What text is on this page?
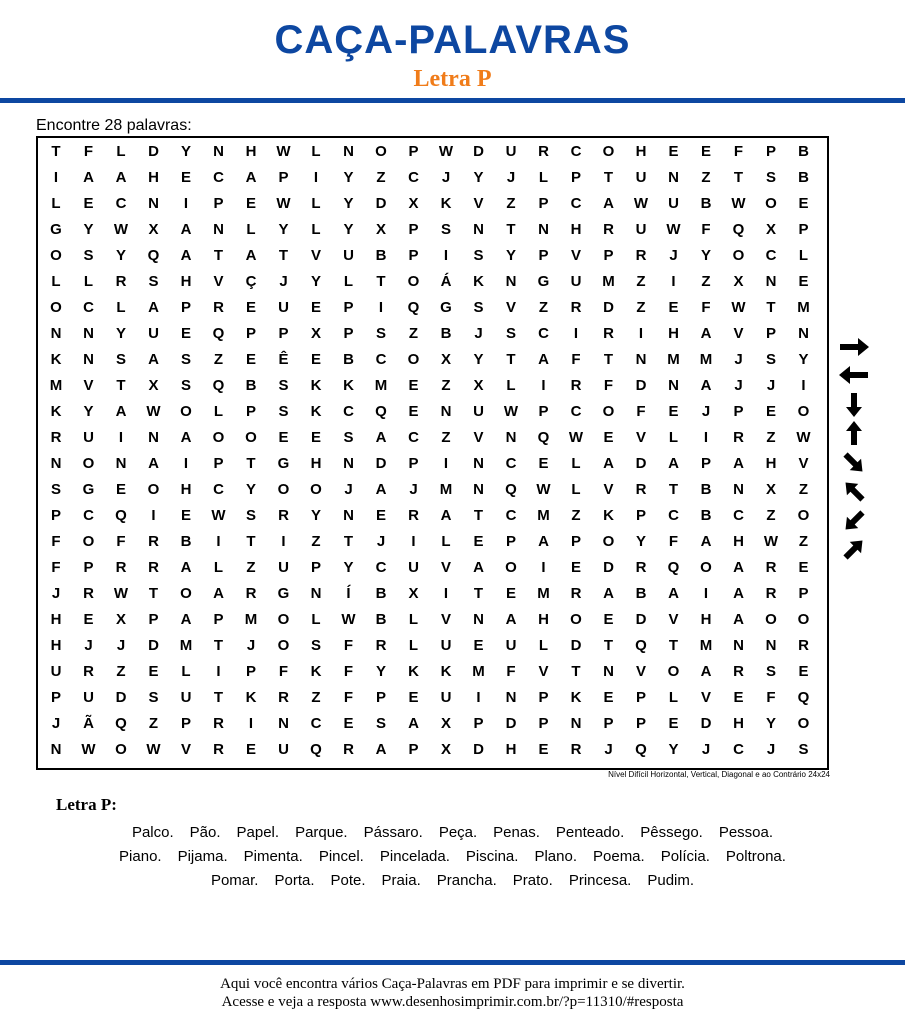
CAÇA-PALAVRAS
Letra P
Encontre 28 palavras:
T	F	L	D	Y	N	H	W	L	N	O	P	W	D	U	R	C	O	H	E	E	F	P	B
I	A	A	H	E	C	A	P	I	Y	Z	C	J	Y	J	L	P	T	U	N	Z	T	S	B
L	E	C	N	I	P	E	W	L	Y	D	X	K	V	Z	P	C	A	W	U	B	W	O	E
G	Y	W	X	A	N	L	Y	L	Y	X	P	S	N	T	N	H	R	U	W	F	Q	X	P
O	S	Y	Q	A	T	A	T	V	U	B	P	I	S	Y	P	V	P	R	J	Y	O	C	L
L	L	R	S	H	V	Ç	J	Y	L	T	O	Á	K	N	G	U	M	Z	I	Z	X	N	E
O	C	L	A	P	R	E	U	E	P	I	Q	G	S	V	Z	R	D	Z	E	F	W	T	M
N	N	Y	U	E	Q	P	P	X	P	S	Z	B	J	S	C	I	R	I	H	A	V	P	N
K	N	S	A	S	Z	E	Ê	E	B	C	O	X	Y	T	A	F	T	N	M	M	J	S	Y
M	V	T	X	S	Q	B	S	K	K	M	E	Z	X	L	I	R	F	D	N	A	J	J	I
K	Y	A	W	O	L	P	S	K	C	Q	E	N	U	W	P	C	O	F	E	J	P	E	O
R	U	I	N	A	O	O	E	E	S	A	C	Z	V	N	Q	W	E	V	L	I	R	Z	W
N	O	N	A	I	P	T	G	H	N	D	P	I	N	C	E	L	A	D	A	P	A	H	V
S	G	E	O	H	C	Y	O	O	J	A	J	M	N	Q	W	L	V	R	T	B	N	X	Z
P	C	Q	I	E	W	S	R	Y	N	E	R	A	T	C	M	Z	K	P	C	B	C	Z	O
F	O	F	R	B	I	T	I	Z	T	J	I	L	E	P	A	P	O	Y	F	A	H	W	Z
F	P	R	R	A	L	Z	U	P	Y	C	U	V	A	O	I	E	D	R	Q	O	A	R	E
J	R	W	T	O	A	R	G	N	Í	B	X	I	T	E	M	R	A	B	A	I	A	R	P
H	E	X	P	A	P	M	O	L	W	B	L	V	N	A	H	O	E	D	V	H	A	O	O
H	J	J	D	M	T	J	O	S	F	R	L	U	E	U	L	D	T	Q	T	M	N	N	R
U	R	Z	E	L	I	P	F	K	F	Y	K	K	M	F	V	T	N	V	O	A	R	S	E
P	U	D	S	U	T	K	R	Z	F	P	E	U	I	N	P	K	E	P	L	V	E	F	Q
J	Ã	Q	Z	P	R	I	N	C	E	S	A	X	P	D	P	N	P	P	E	D	H	Y	O
N	W	O	W	V	R	E	U	Q	R	A	P	X	D	H	E	R	J	Q	Y	J	C	J	S
Nível Difícil Horizontal, Vertical, Diagonal e ao Contrário 24x24
Letra P:
Palco. Pão. Papel. Parque. Pássaro. Peça. Penas. Penteado. Pêssego. Pessoa.
Piano. Pijama. Pimenta. Pincel. Pincelada. Piscina. Plano. Poema. Polícia. Poltrona.
Pomar. Porta. Pote. Praia. Prancha. Prato. Princesa. Pudim.
Aqui você encontra vários Caça-Palavras em PDF para imprimir e se divertir.
Acesse e veja a resposta www.desenhosimprimir.com.br/?p=11310/#resposta
